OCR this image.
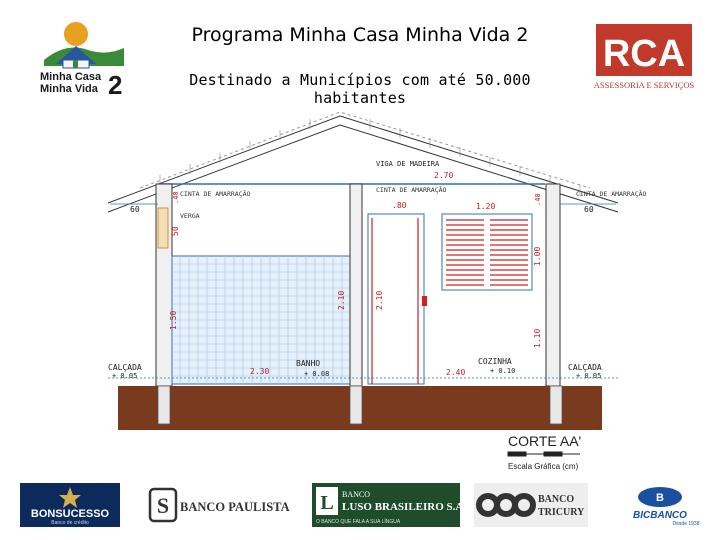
Programa Minha Casa Minha Vida 2
Destinado a Municípios com até 50.000 habitantes
Minha Casa
Minha Vida 2
RCA
ASSESSORIA E SERVIÇOS
VIGA DE MADEIRA
2.70
CINTA DE AMARRAÇÃO
VERGA
60
50
.40
1.50
2.10
CINTA DE AMARRAÇÃO
.80
2.10
1.20
1.00
1.10
CINTA DE AMARRAÇÃO
.40
60
CALÇADA
+ 0.05
BANHO
+ 0.08
2.30
COZINHA
+ 0.10
2.40
CALÇADA
+ 0.05
CORTE AA'
Escala Gráfica (cm)
BONSUCESSO
Banco de crédito
S BANCO PAULISTA L BANCO
LUSO BRASILEIRO S.A.
O BANCO QUE FALA A SUA LÍNGUA
BANCO
TRICURY
B
BICBANCO
Desde 1938
